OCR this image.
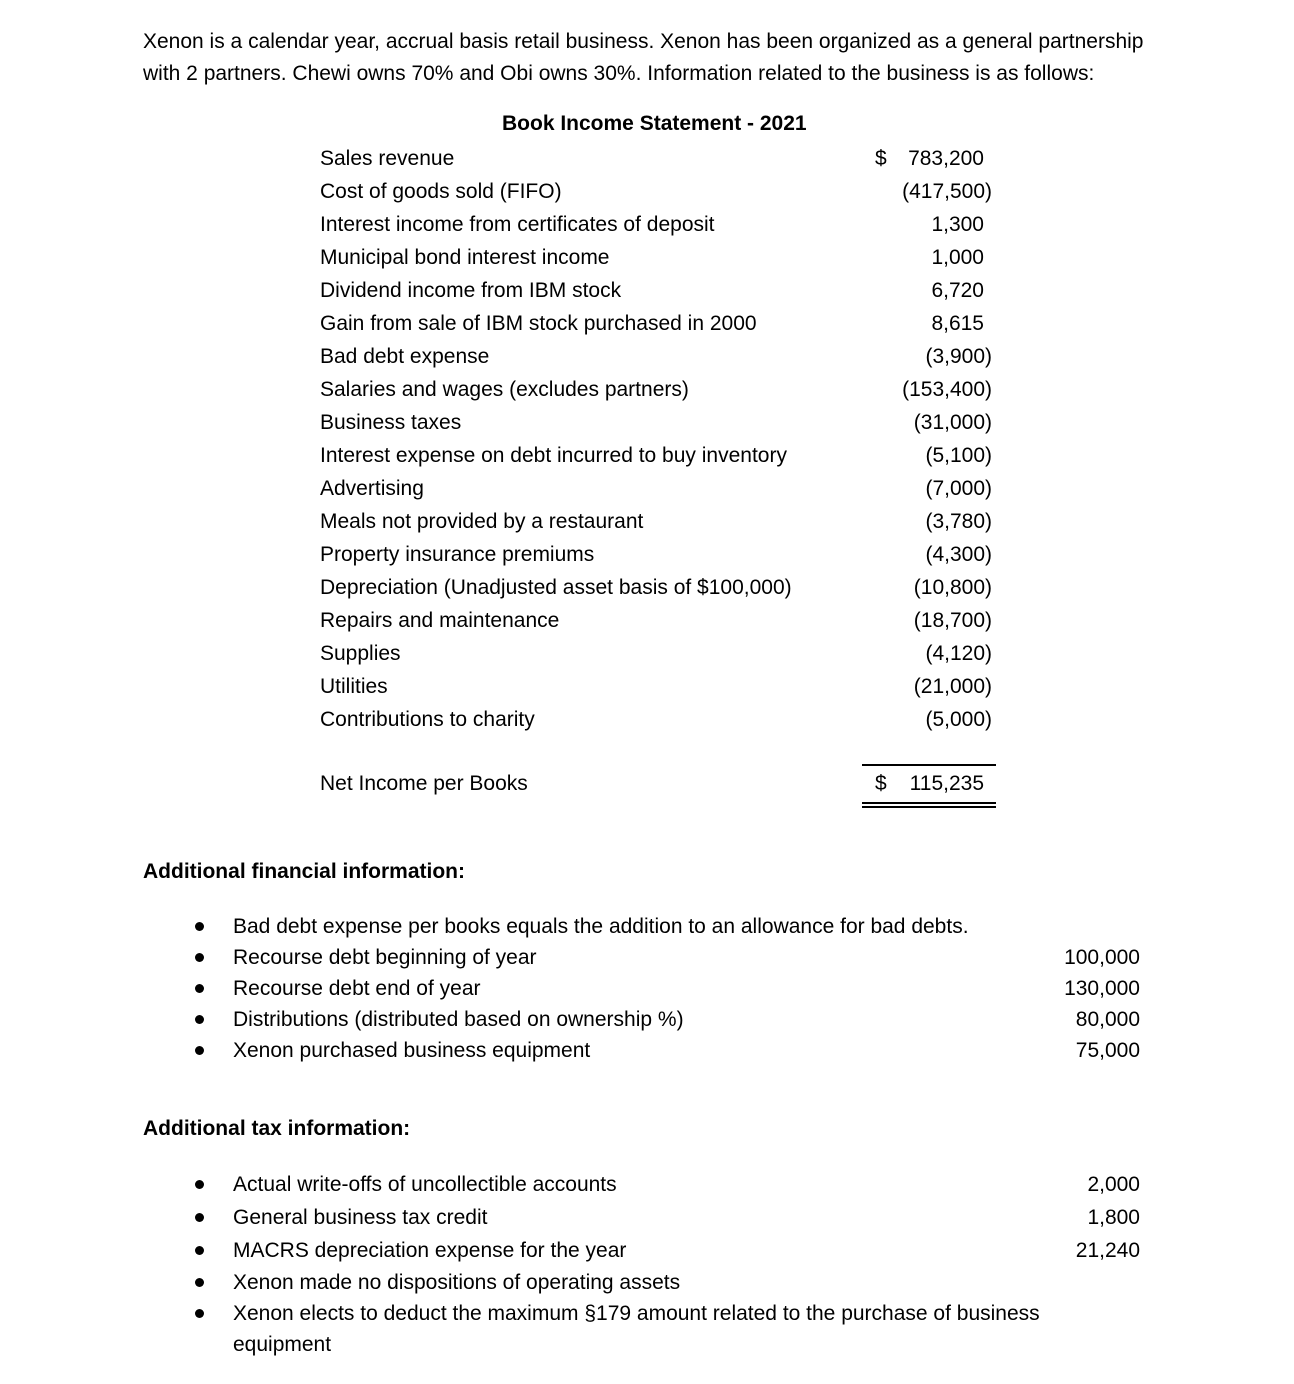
Xenon is a calendar year, accrual basis retail business. Xenon has been organized as a general partnership
with 2 partners. Chewi owns 70% and Obi owns 30%. Information related to the business is as follows:
Book Income Statement - 2021
Sales revenue	$ 783,200
Cost of goods sold (FIFO)	(417,500)
Interest income from certificates of deposit	1,300
Municipal bond interest income	1,000
Dividend income from IBM stock	6,720
Gain from sale of IBM stock purchased in 2000	8,615
Bad debt expense	(3,900)
Salaries and wages (excludes partners)	(153,400)
Business taxes	(31,000)
Interest expense on debt incurred to buy inventory	(5,100)
Advertising	(7,000)
Meals not provided by a restaurant	(3,780)
Property insurance premiums	(4,300)
Depreciation (Unadjusted asset basis of $100,000)	(10,800)
Repairs and maintenance	(18,700)
Supplies	(4,120)
Utilities	(21,000)
Contributions to charity	(5,000)
Net Income per Books	$ 115,235
Additional financial information:
Bad debt expense per books equals the addition to an allowance for bad debts.
Recourse debt beginning of year	100,000
Recourse debt end of year	130,000
Distributions (distributed based on ownership %)	80,000
Xenon purchased business equipment	75,000
Additional tax information:
Actual write-offs of uncollectible accounts	2,000
General business tax credit	1,800
MACRS depreciation expense for the year	21,240
Xenon made no dispositions of operating assets
Xenon elects to deduct the maximum §179 amount related to the purchase of business equipment
